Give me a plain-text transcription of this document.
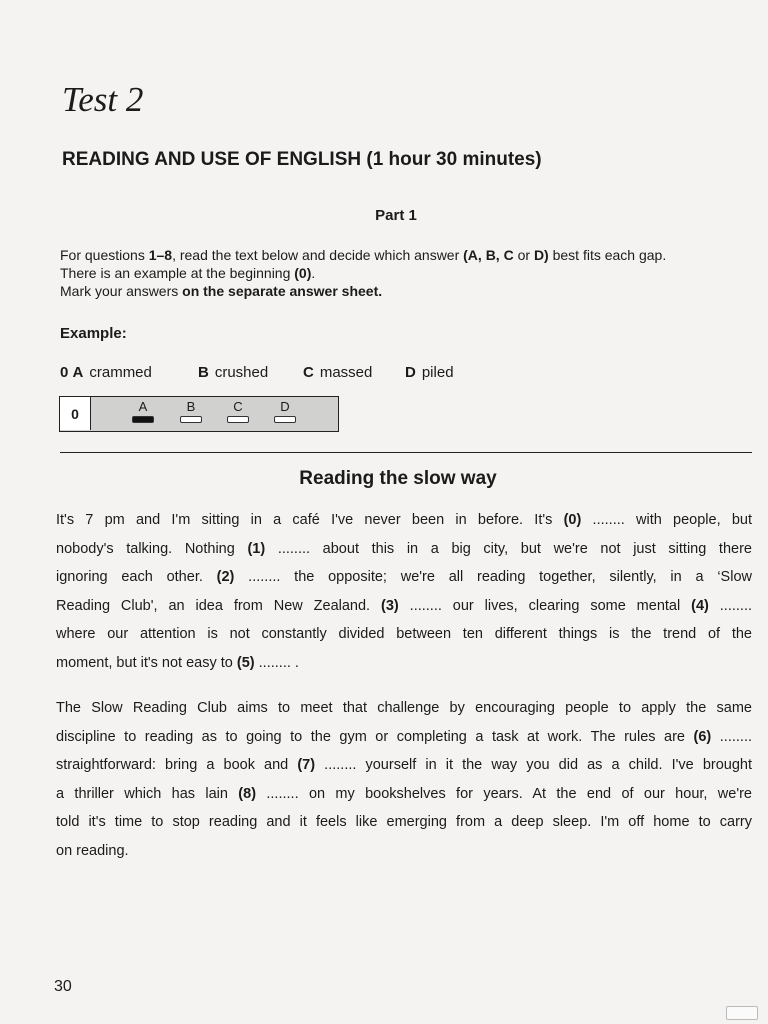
Test 2
READING AND USE OF ENGLISH (1 hour 30 minutes)
Part 1

For questions 1–8, read the text below and decide which answer (A, B, C or D) best fits each gap.

There is an example at the beginning (0).

Mark your answers on the separate answer sheet.

Example:
0 A crammed	B crushed C massed D piled
0	A	B	C	D
Reading the slow way
It's 7 pm and I'm sitting in a café I've never been in before. It's (0) ........ with people, but
nobody's talking. Nothing (1) ........ about this in a big city, but we're not just sitting there
ignoring each other. (2) ........ the opposite; we're all reading together, silently, in a ‘Slow
Reading Club', an idea from New Zealand. (3) ........ our lives, clearing some mental (4) ........
where our attention is not constantly divided between ten different things is the trend of the
moment, but it's not easy to (5) ........ .
The Slow Reading Club aims to meet that challenge by encouraging people to apply the same
discipline to reading as to going to the gym or completing a task at work. The rules are (6) ........
straightforward: bring a book and (7) ........ yourself in it the way you did as a child. I've brought
a thriller which has lain (8) ........ on my bookshelves for years. At the end of our hour, we're
told it's time to stop reading and it feels like emerging from a deep sleep. I'm off home to carry
on reading.
30
